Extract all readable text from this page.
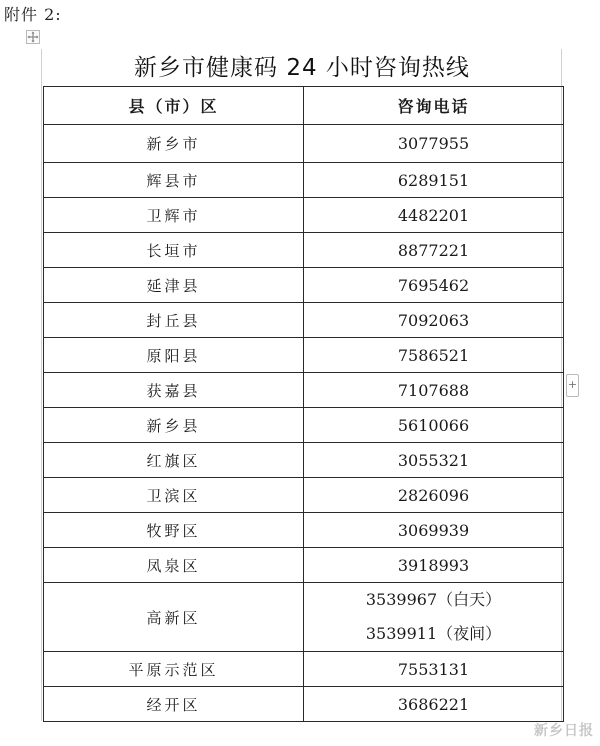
附件 2:
新乡市健康码 24 小时咨询热线
县（市）区	咨询电话
新乡市	3077955
辉县市	6289151
卫辉市	4482201
长垣市	8877221
延津县	7695462
封丘县	7092063
原阳县	7586521
获嘉县	7107688
新乡县	5610066
红旗区	3055321
卫滨区	2826096
牧野区	3069939
凤泉区	3918993
高新区	3539967（白天）
3539911（夜间）

平原示范区	7553131
经开区	3686221
+
新乡日报
